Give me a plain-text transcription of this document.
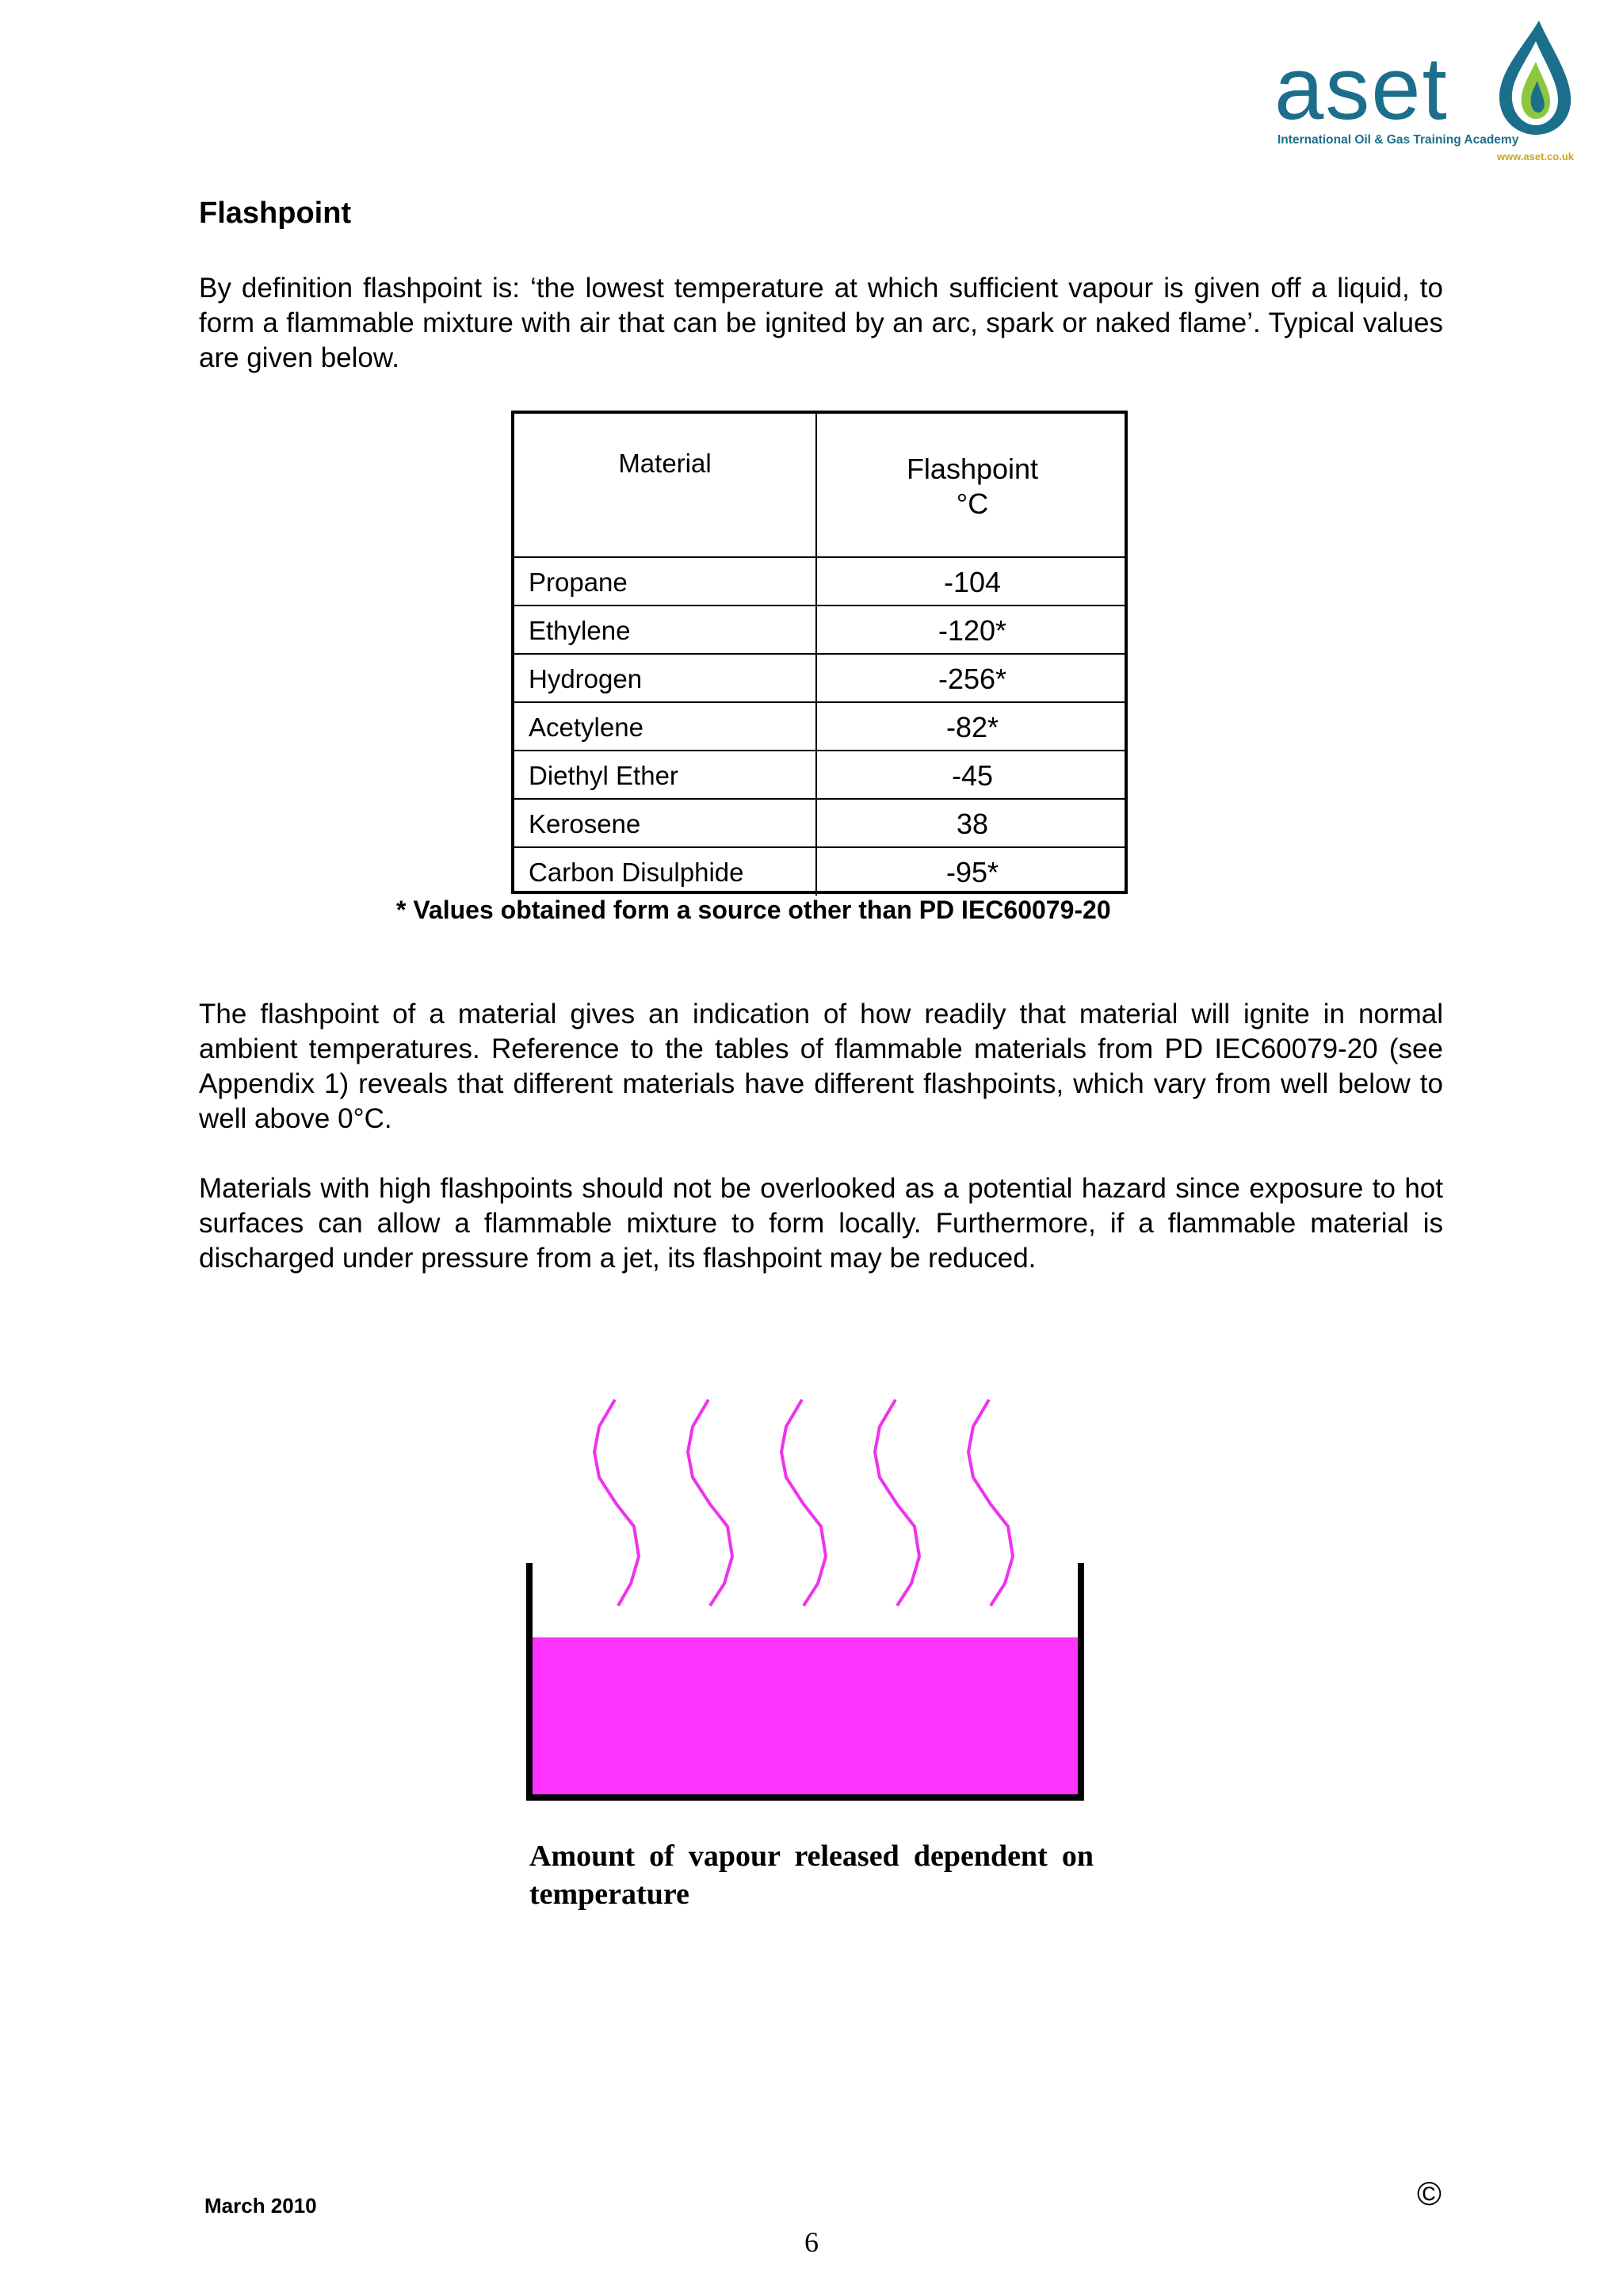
aset
International Oil & Gas Training Academy
www.aset.co.uk
Flashpoint

By definition flashpoint is: ‘the lowest temperature at which sufficient vapour is given off a liquid, to form a flammable mixture with air that can be ignited by an arc, spark or naked flame’. Typical values are given below.

Material	Flashpoint
°C
Propane	-104
Ethylene	-120*
Hydrogen	-256*
Acetylene	-82*
Diethyl Ether	-45
Kerosene	38
Carbon Disulphide	-95*
* Values obtained form a source other than PD IEC60079-20

The flashpoint of a material gives an indication of how readily that material will ignite in normal ambient temperatures. Reference to the tables of flammable materials from PD IEC60079-20 (see Appendix 1) reveals that different materials have different flashpoints, which vary from well below to well above 0°C.

Materials with high flashpoints should not be overlooked as a potential hazard since exposure to hot surfaces can allow a flammable mixture to form locally. Furthermore, if a flammable material is discharged under pressure from a jet, its flashpoint may be reduced.

Amount of vapour released dependent on temperature
March 2010	©
6
